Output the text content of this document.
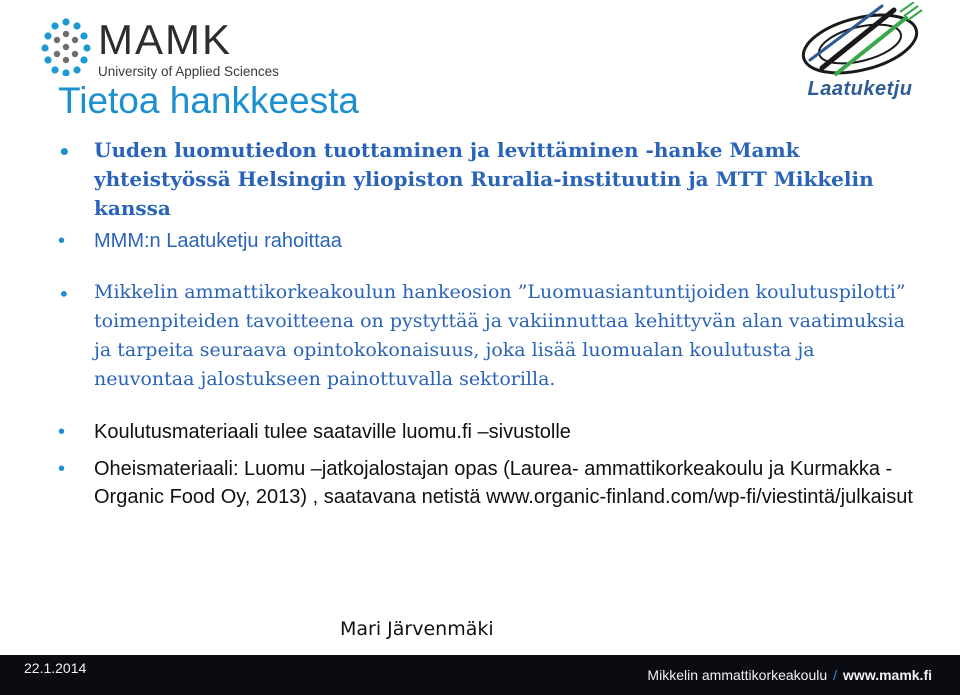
MAMK
University of Applied Sciences
Laatuketju
Tietoa hankkeesta
• Uuden luomutiedon tuottaminen ja levittäminen -hanke Mamk yhteistyössä Helsingin yliopiston Ruralia-instituutin ja MTT Mikkelin kanssa
• MMM:n Laatuketju rahoittaa
• Mikkelin ammattikorkeakoulun hankeosion ”Luomuasiantuntijoiden koulutuspilotti” toimenpiteiden tavoitteena on pystyttää ja vakiinnuttaa kehittyvän alan vaatimuksia ja tarpeita seuraava opintokokonaisuus, joka lisää luomualan koulutusta ja neuvontaa jalostukseen painottuvalla sektorilla.
• Koulutusmateriaali tulee saataville luomu.fi –sivustolle
• Oheismateriaali: Luomu –jatkojalostajan opas (Laurea- ammattikorkeakoulu ja Kurmakka - Organic Food Oy, 2013) , saatavana netistä www.organic-finland.com/wp-fi/viestintä/julkaisut
Mari Järvenmäki
22.1.2014	Mikkelin ammattikorkeakoulu / www.mamk.fi
